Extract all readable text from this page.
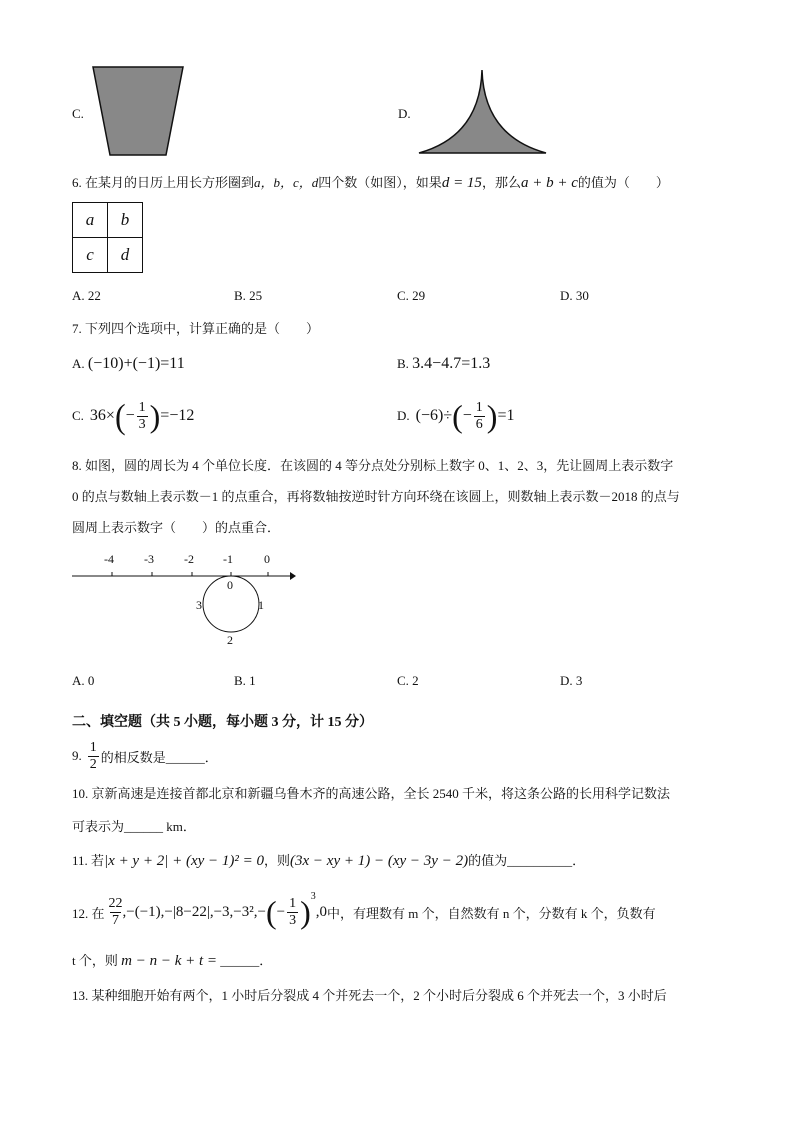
C.	D.
6. 在某月的日历上用长方形圈到a，b，c，d四个数（如图），如果d = 15，那么a + b + c的值为（　　）
a	b
c	d
A. 22	B. 25	C. 29	D. 30
7. 下列四个选项中，计算正确的是（　　）
A. (−10)+(−1)=11	B. 3.4−4.7=1.3
C. 36× ( − $\frac{1}{3}$ ) =−12	D. (−6)÷ ( − $\frac{1}{6}$ ) =1
8. 如图，圆的周长为 4 个单位长度．在该圆的 4 等分点处分别标上数字 0、1、2、3，先让圆周上表示数字
0 的点与数轴上表示数－1 的点重合，再将数轴按逆时针方向环绕在该圆上，则数轴上表示数－2018 的点与
圆周上表示数字（　　）的点重合．
-4	-3	-2 -1	0
0
1
2
3
A. 0	B. 1	C. 2	D. 3
二、填空题（共 5 小题，每小题 3 分，计 15 分）
9.
1
2 的相反数是______．
10. 京新高速是连接首都北京和新疆乌鲁木齐的高速公路，全长 2540 千米，将这条公路的长用科学记数法
可表示为______ km．
11. 若|x + y + 2| + (xy − 1)² = 0，则(3x − xy + 1) − (xy − 3y − 2)的值为__________．
12. 在
22
7
,−(−1),−|8−22|,−3,−3²,− ( − $\frac{1}{3} )^3$
,0 中，有理数有 m 个，自然数有 n 个，分数有 k 个，负数有
t 个，则 m − n − k + t = ______．
13. 某种细胞开始有两个，1 小时后分裂成 4 个并死去一个，2 个小时后分裂成 6 个并死去一个，3 小时后
